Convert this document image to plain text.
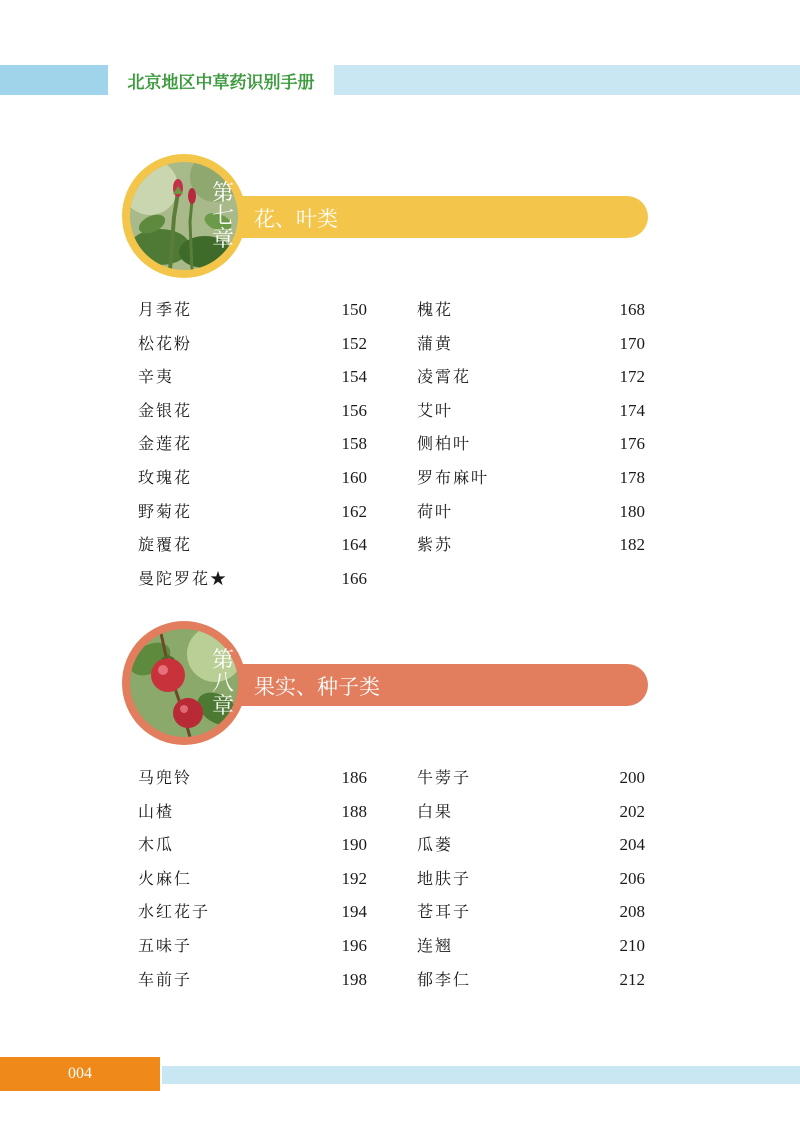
北京地区中草药识别手册
第
七
章
花、叶类
月季花	150
松花粉	152
辛夷	154
金银花	156
金莲花	158
玫瑰花	160
野菊花	162
旋覆花	164
曼陀罗花★	166
槐花	168
蒲黄	170
凌霄花	172
艾叶	174
侧柏叶	176
罗布麻叶	178
荷叶	180
紫苏	182
第
八
章
果实、种子类
马兜铃	186
山楂	188
木瓜	190
火麻仁	192
水红花子	194
五味子	196
车前子	198
牛蒡子	200
白果	202
瓜蒌	204
地肤子	206
苍耳子	208
连翘	210
郁李仁	212
004
